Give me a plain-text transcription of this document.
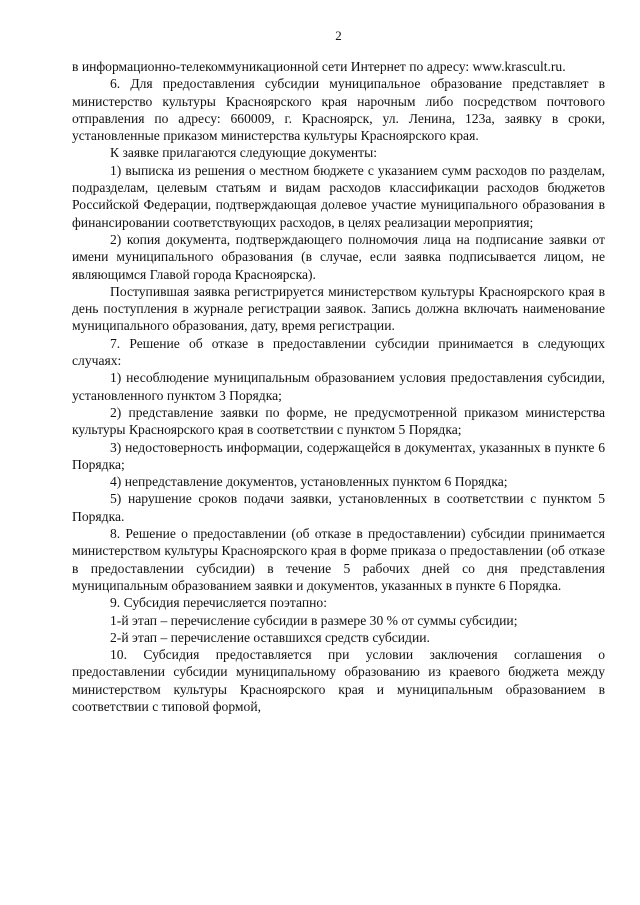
2

в информационно-телекоммуникационной сети Интернет по адресу: www.krascult.ru.

6. Для предоставления субсидии муниципальное образование представляет в министерство культуры Красноярского края нарочным либо посредством почтового отправления по адресу: 660009, г. Красноярск, ул. Ленина, 123а, заявку в сроки, установленные приказом министерства культуры Красноярского края.

К заявке прилагаются следующие документы:

1) выписка из решения о местном бюджете с указанием сумм расходов по разделам, подразделам, целевым статьям и видам расходов классификации расходов бюджетов Российской Федерации, подтверждающая долевое участие муниципального образования в финансировании соответствующих расходов, в целях реализации мероприятия;

2) копия документа, подтверждающего полномочия лица на подписание заявки от имени муниципального образования (в случае, если заявка подписывается лицом, не являющимся Главой города Красноярска).

Поступившая заявка регистрируется министерством культуры Красноярского края в день поступления в журнале регистрации заявок. Запись должна включать наименование муниципального образования, дату, время регистрации.

7. Решение об отказе в предоставлении субсидии принимается в следующих случаях:

1) несоблюдение муниципальным образованием условия предоставления субсидии, установленного пунктом 3 Порядка;

2) представление заявки по форме, не предусмотренной приказом министерства культуры Красноярского края в соответствии с пунктом 5 Порядка;

3) недостоверность информации, содержащейся в документах, указанных в пункте 6 Порядка;

4) непредставление документов, установленных пунктом 6 Порядка;

5) нарушение сроков подачи заявки, установленных в соответствии с пунктом 5 Порядка.

8. Решение о предоставлении (об отказе в предоставлении) субсидии принимается министерством культуры Красноярского края в форме приказа о предоставлении (об отказе в предоставлении субсидии) в течение 5 рабочих дней со дня представления муниципальным образованием заявки и документов, указанных в пункте 6 Порядка.

9. Субсидия перечисляется поэтапно:

1-й этап – перечисление субсидии в размере 30 % от суммы субсидии;

2-й этап – перечисление оставшихся средств субсидии.

10. Субсидия предоставляется при условии заключения соглашения о предоставлении субсидии муниципальному образованию из краевого бюджета между министерством культуры Красноярского края и муниципальным образованием в соответствии с типовой формой,
